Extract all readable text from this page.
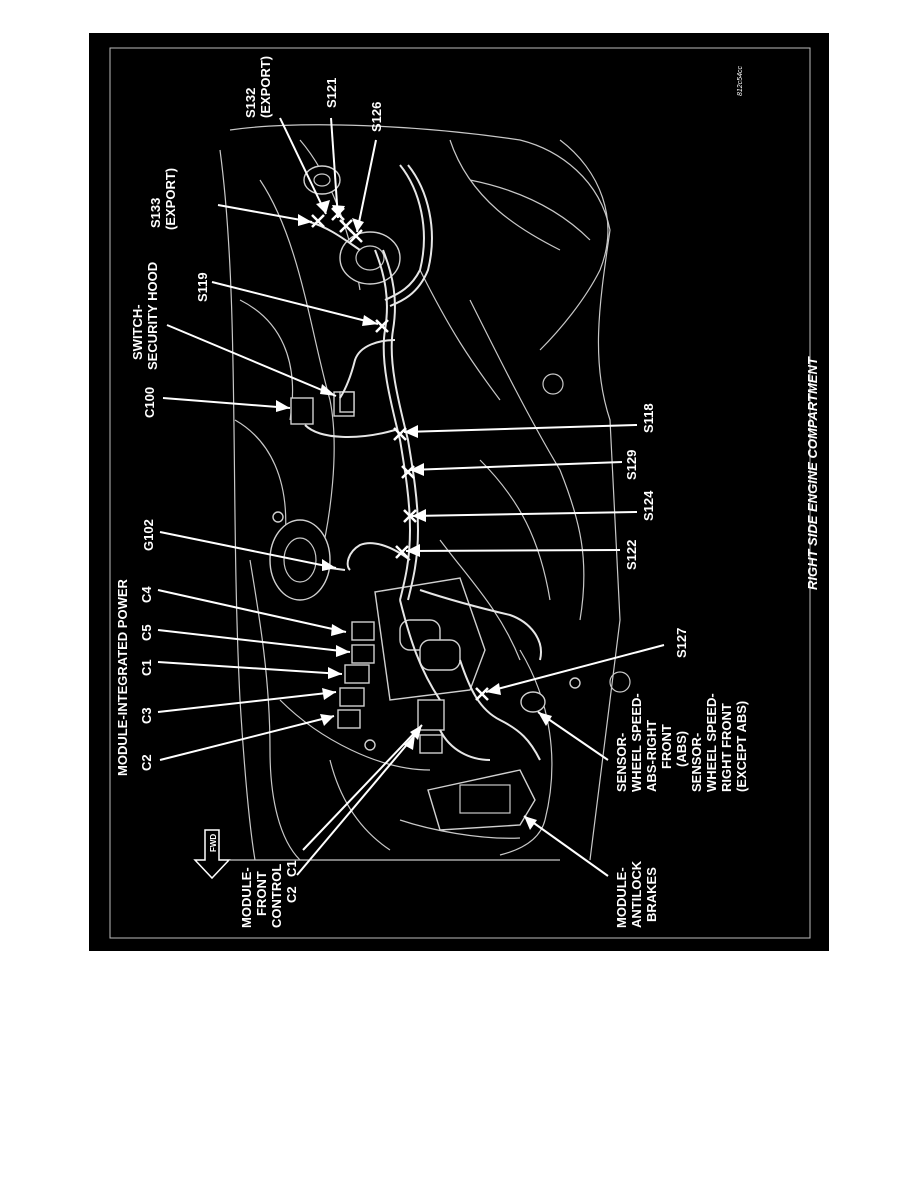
812c54cc
S132 (EXPORT)	S121
S126
S133 (EXPORT)
SWITCH- SECURITY HOOD	S119
C100
S118
S129
S124
S122
G102
MODULE-INTEGRATED POWER C4
C5
C1
C3
C2
S127
SENSOR- WHEEL SPEED- ABS-RIGHT FRONT (ABS) SENSOR- WHEEL SPEED- RIGHT FRONT (EXCEPT ABS)
MODULE- FRONT CONTROL C2
C1	MODULE- ANTILOCK BRAKES
RIGHT SIDE ENGINE COMPARTMENT
FWD
